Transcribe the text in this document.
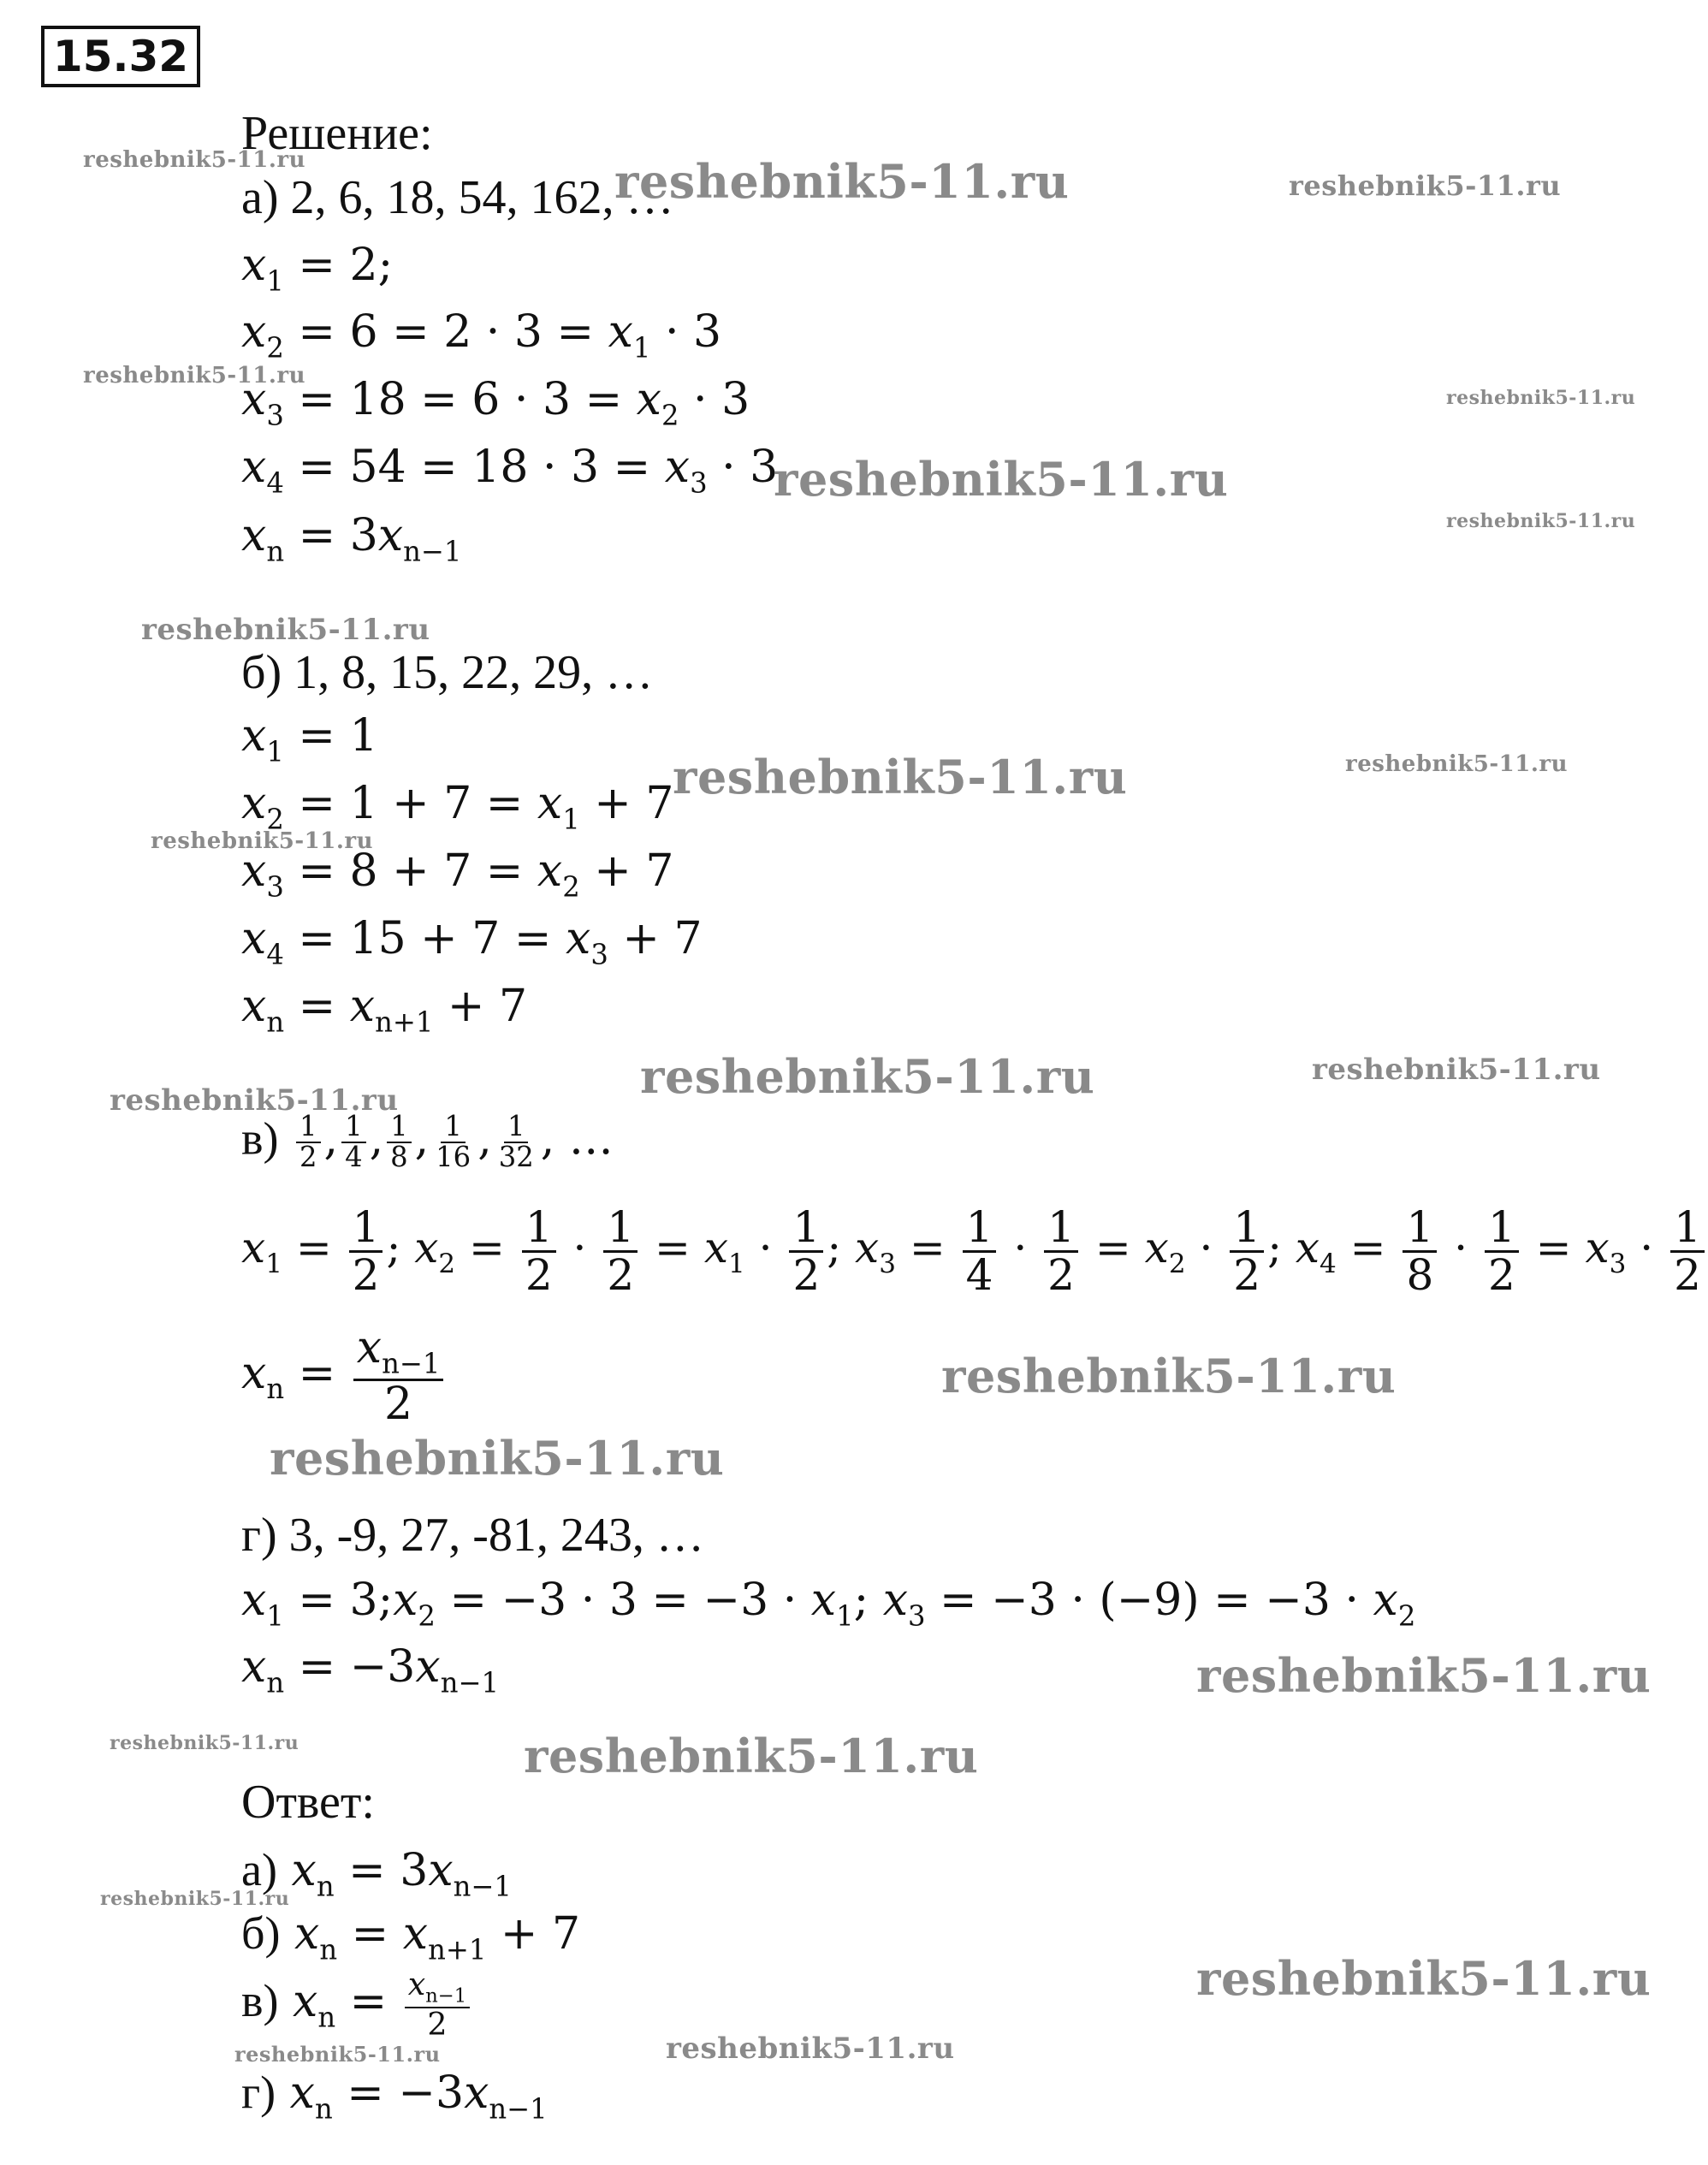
15.32
Решение:
а) 2, 6, 18, 54, 162, …
$x_1 = 2$;
$x_2 = 6 = 2 \cdot 3 = x_1 \cdot 3$
$x_3 = 18 = 6 \cdot 3 = x_2 \cdot 3$
$x_4 = 54 = 18 \cdot 3 = x_3 \cdot 3$
$x_n = 3x_{n-1}$
б) 1, 8, 15, 22, 29, …
$x_1 = 1$
$x_2 = 1 + 7 = x_1 + 7$
$x_3 = 8 + 7 = x_2 + 7$
$x_4 = 15 + 7 = x_3 + 7$
$x_n = x_{n+1} + 7$
$в) \frac{1}{2}$ , $\frac{1}{4}$ , $\frac{1}{8}$ , $\frac{1}{16}$ , $\frac{1}{32}$ , …
$x_1 = \frac{1}{2}$ ; $x_2 = \frac{1}{2} \cdot \frac{1}{2} = x_1 \cdot \frac{1}{2}$ ; $x_3 = \frac{1}{4} \cdot \frac{1}{2} = x_2 \cdot \frac{1}{2}$ ; $x_4 = \frac{1}{8} \cdot \frac{1}{2} = x_3 \cdot \frac{1}{2}$
$x_n = \frac{x_{n-1}}{2}$
г) 3, -9, 27, -81, 243, …
$x_1$ = $3;x_2 = -3 \cdot 3 = -3 \cdot x_1$; $x_3 = -3 \cdot (-9) = -3 \cdot x_2$
$x_n = -3x_{n-1}$
Ответ:
а) $x_n = 3x_{n-1}$
б) $x_n = x_{n+1} + 7$
в) $x_n = \frac{x_{n-1}}{2}$
г) $x_n = -3x_{n-1}$
reshebnik5-11.ru	reshebnik5-11.ru	reshebnik5-11.ru
reshebnik5-11.ru
reshebnik5-11.ru
reshebnik5-11.ru
reshebnik5-11.ru
reshebnik5-11.ru
reshebnik5-11.ru	reshebnik5-11.ru
reshebnik5-11.ru
reshebnik5-11.ru	reshebnik5-11.ru
reshebnik5-11.ru
reshebnik5-11.ru
reshebnik5-11.ru
reshebnik5-11.ru
reshebnik5-11.ru	reshebnik5-11.ru
reshebnik5-11.ru
reshebnik5-11.ru
reshebnik5-11.ru	reshebnik5-11.ru
